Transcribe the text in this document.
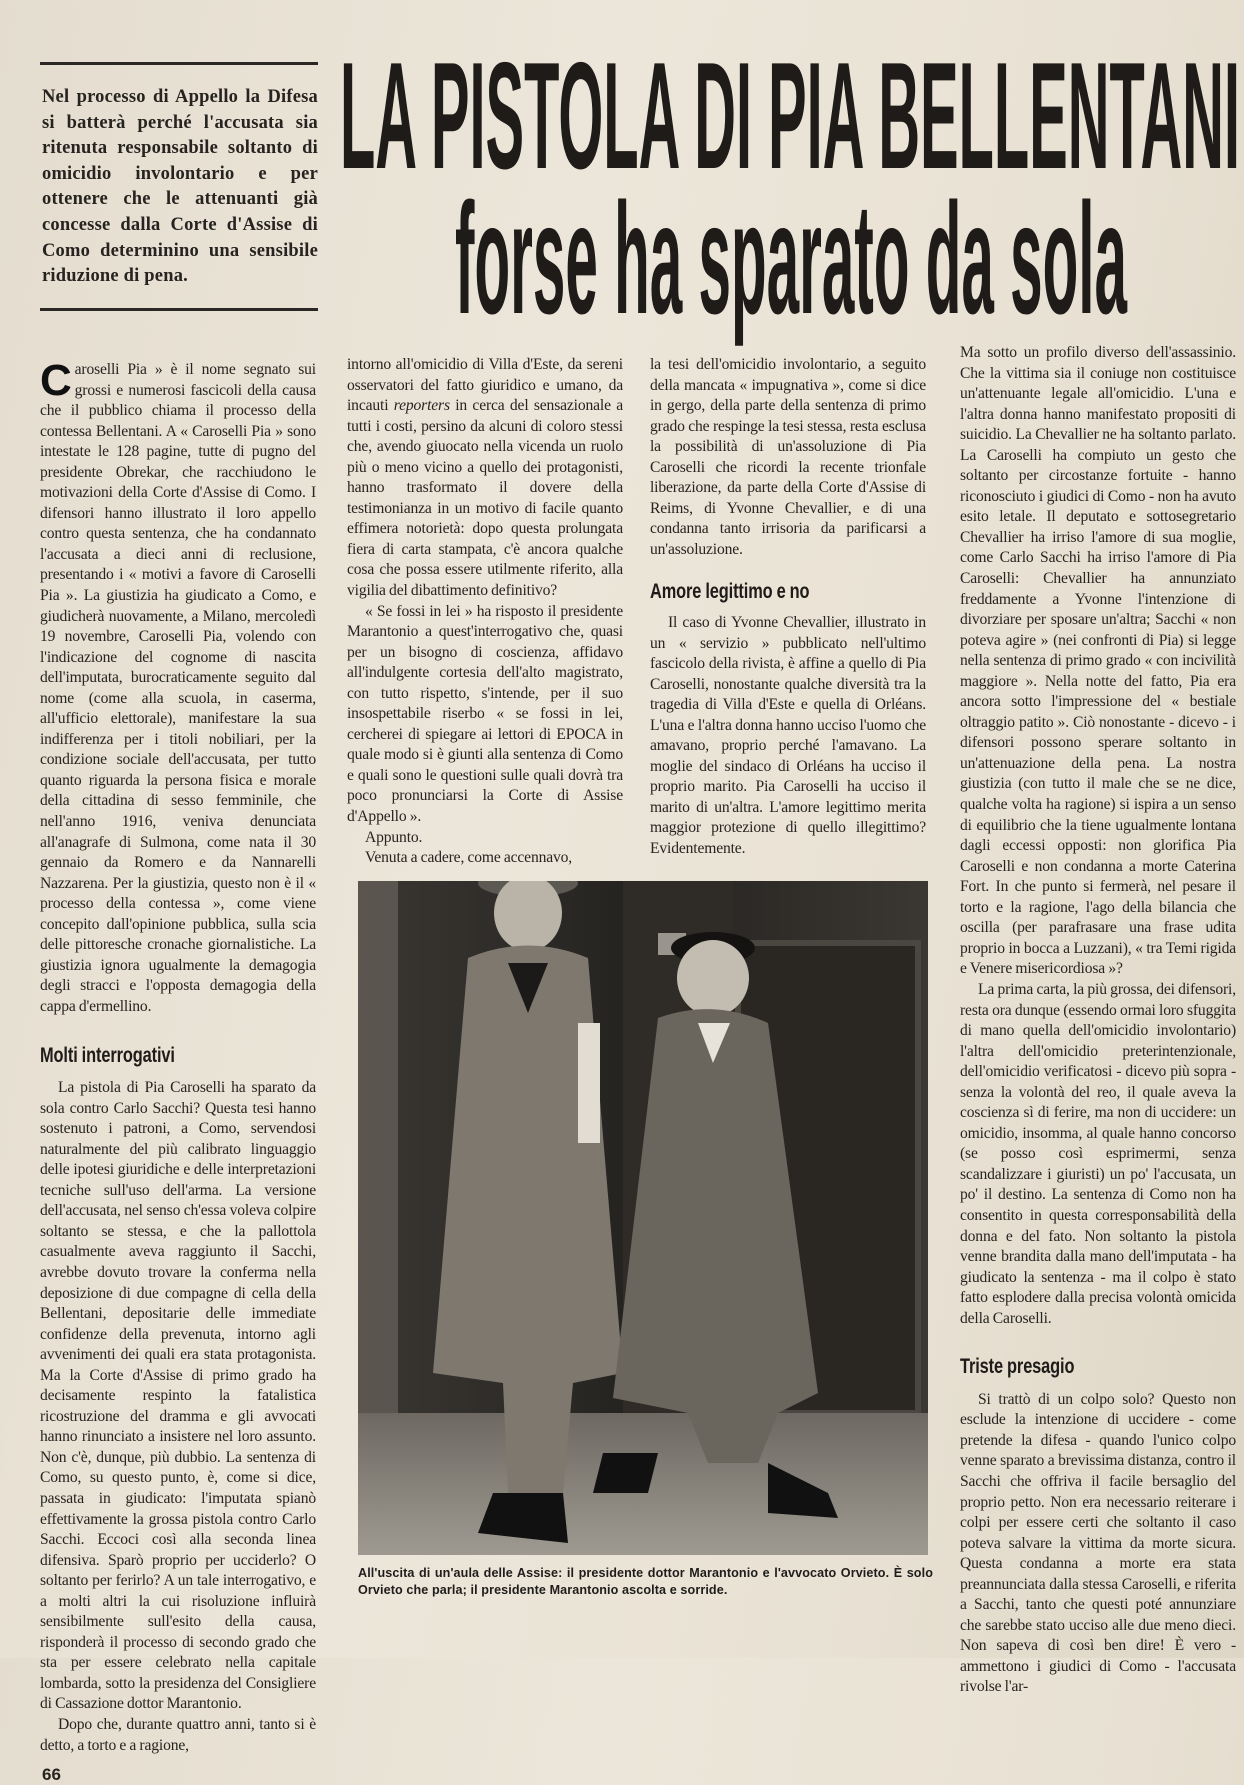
Nel processo di Appello la Difesa si batterà perché l'accusata sia ritenuta responsabile soltanto di omicidio involontario e per ottenere che le attenuanti già concesse dalla Corte d'Assise di Como determinino una sensibile riduzione di pena.
LA PISTOLA DI PIA BELLENTANI
forse ha sparato da sola

Caroselli Pia » è il nome segnato sui grossi e numerosi fascicoli della causa che il pubblico chiama il processo della contessa Bellentani. A « Caroselli Pia » sono intestate le 128 pagine, tutte di pugno del presidente Obrekar, che racchiudono le motivazioni della Corte d'Assise di Como. I difensori hanno illustrato il loro appello contro questa sentenza, che ha condannato l'accusata a dieci anni di reclusione, presentando i « motivi a favore di Caroselli Pia ». La giustizia ha giudicato a Como, e giudicherà nuovamente, a Milano, mercoledì 19 novembre, Caroselli Pia, volendo con l'indicazione del cognome di nascita dell'imputata, burocraticamente seguito dal nome (come alla scuola, in caserma, all'ufficio elettorale), manifestare la sua indifferenza per i titoli nobiliari, per la condizione sociale dell'accusata, per tutto quanto riguarda la persona fisica e morale della cittadina di sesso femminile, che nell'anno 1916, veniva denunciata all'anagrafe di Sulmona, come nata il 30 gennaio da Romero e da Nannarelli Nazzarena. Per la giustizia, questo non è il « processo della contessa », come viene concepito dall'opinione pubblica, sulla scia delle pittoresche cronache giornalistiche. La giustizia ignora ugualmente la demagogia degli stracci e l'opposta demagogia della cappa d'ermellino.

Molti interrogativi

La pistola di Pia Caroselli ha sparato da sola contro Carlo Sacchi? Questa tesi hanno sostenuto i patroni, a Como, servendosi naturalmente del più calibrato linguaggio delle ipotesi giuridiche e delle interpretazioni tecniche sull'uso dell'arma. La versione dell'accusata, nel senso ch'essa voleva colpire soltanto se stessa, e che la pallottola casualmente aveva raggiunto il Sacchi, avrebbe dovuto trovare la conferma nella deposizione di due compagne di cella della Bellentani, depositarie delle immediate confidenze della prevenuta, intorno agli avvenimenti dei quali era stata protagonista. Ma la Corte d'Assise di primo grado ha decisamente respinto la fatalistica ricostruzione del dramma e gli avvocati hanno rinunciato a insistere nel loro assunto. Non c'è, dunque, più dubbio. La sentenza di Como, su questo punto, è, come si dice, passata in giudicato: l'imputata spianò effettivamente la grossa pistola contro Carlo Sacchi. Eccoci così alla seconda linea difensiva. Sparò proprio per ucciderlo? O soltanto per ferirlo? A un tale interrogativo, e a molti altri la cui risoluzione influirà sensibilmente sull'esito della causa, risponderà il processo di secondo grado che sta per essere celebrato nella capitale lombarda, sotto la presidenza del Consigliere di Cassazione dottor Marantonio.

Dopo che, durante quattro anni, tanto si è detto, a torto e a ragione,

intorno all'omicidio di Villa d'Este, da sereni osservatori del fatto giuridico e umano, da incauti reporters in cerca del sensazionale a tutti i costi, persino da alcuni di coloro stessi che, avendo giuocato nella vicenda un ruolo più o meno vicino a quello dei protagonisti, hanno trasformato il dovere della testimonianza in un motivo di facile quanto effimera notorietà: dopo questa prolungata fiera di carta stampata, c'è ancora qualche cosa che possa essere utilmente riferito, alla vigilia del dibattimento definitivo?

« Se fossi in lei » ha risposto il presidente Marantonio a quest'interrogativo che, quasi per un bisogno di coscienza, affidavo all'indulgente cortesia dell'alto magistrato, con tutto rispetto, s'intende, per il suo insospettabile riserbo « se fossi in lei, cercherei di spiegare ai lettori di EPOCA in quale modo si è giunti alla sentenza di Como e quali sono le questioni sulle quali dovrà tra poco pronunciarsi la Corte di Assise d'Appello ».

Appunto.

Venuta a cadere, come accennavo,

la tesi dell'omicidio involontario, a seguito della mancata « impugnativa », come si dice in gergo, della parte della sentenza di primo grado che respinge la tesi stessa, resta esclusa la possibilità di un'assoluzione di Pia Caroselli che ricordi la recente trionfale liberazione, da parte della Corte d'Assise di Reims, di Yvonne Chevallier, e di una condanna tanto irrisoria da parificarsi a un'assoluzione.

Amore legittimo e no

Il caso di Yvonne Chevallier, illustrato in un « servizio » pubblicato nell'ultimo fascicolo della rivista, è affine a quello di Pia Caroselli, nonostante qualche diversità tra la tragedia di Villa d'Este e quella di Orléans. L'una e l'altra donna hanno ucciso l'uomo che amavano, proprio perché l'amavano. La moglie del sindaco di Orléans ha ucciso il proprio marito. Pia Caroselli ha ucciso il marito di un'altra. L'amore legittimo merita maggior protezione di quello illegittimo? Evidentemente.

Ma sotto un profilo diverso dell'assassinio. Che la vittima sia il coniuge non costituisce un'attenuante legale all'omicidio. L'una e l'altra donna hanno manifestato propositi di suicidio. La Chevallier ne ha soltanto parlato. La Caroselli ha compiuto un gesto che soltanto per circostanze fortuite - hanno riconosciuto i giudici di Como - non ha avuto esito letale. Il deputato e sottosegretario Chevallier ha irriso l'amore di sua moglie, come Carlo Sacchi ha irriso l'amore di Pia Caroselli: Chevallier ha annunziato freddamente a Yvonne l'intenzione di divorziare per sposare un'altra; Sacchi « non poteva agire » (nei confronti di Pia) si legge nella sentenza di primo grado « con incivilità maggiore ». Nella notte del fatto, Pia era ancora sotto l'impressione del « bestiale oltraggio patito ». Ciò nonostante - dicevo - i difensori possono sperare soltanto in un'attenuazione della pena. La nostra giustizia (con tutto il male che se ne dice, qualche volta ha ragione) si ispira a un senso di equilibrio che la tiene ugualmente lontana dagli eccessi opposti: non glorifica Pia Caroselli e non condanna a morte Caterina Fort. In che punto si fermerà, nel pesare il torto e la ragione, l'ago della bilancia che oscilla (per parafrasare una frase udita proprio in bocca a Luzzani), « tra Temi rigida e Venere misericordiosa »?

La prima carta, la più grossa, dei difensori, resta ora dunque (essendo ormai loro sfuggita di mano quella dell'omicidio involontario) l'altra dell'omicidio preterintenzionale, dell'omicidio verificatosi - dicevo più sopra - senza la volontà del reo, il quale aveva la coscienza sì di ferire, ma non di uccidere: un omicidio, insomma, al quale hanno concorso (se posso così esprimermi, senza scandalizzare i giuristi) un po' l'accusata, un po' il destino. La sentenza di Como non ha consentito in questa corresponsabilità della donna e del fato. Non soltanto la pistola venne brandita dalla mano dell'imputata - ha giudicato la sentenza - ma il colpo è stato fatto esplodere dalla precisa volontà omicida della Caroselli.

Triste presagio

Si trattò di un colpo solo? Questo non esclude la intenzione di uccidere - come pretende la difesa - quando l'unico colpo venne sparato a brevissima distanza, contro il Sacchi che offriva il facile bersaglio del proprio petto. Non era necessario reiterare i colpi per essere certi che soltanto il caso poteva salvare la vittima da morte sicura. Questa condanna a morte era stata preannunciata dalla stessa Caroselli, e riferita a Sacchi, tanto che questi poté annunziare che sarebbe stato ucciso alle due meno dieci. Non sapeva di così ben dire! È vero - ammettono i giudici di Como - l'accusata rivolse l'ar-

All'uscita di un'aula delle Assise: il presidente dottor Marantonio e l'avvocato Orvieto. È solo Orvieto che parla; il presidente Marantonio ascolta e sorride.
66
